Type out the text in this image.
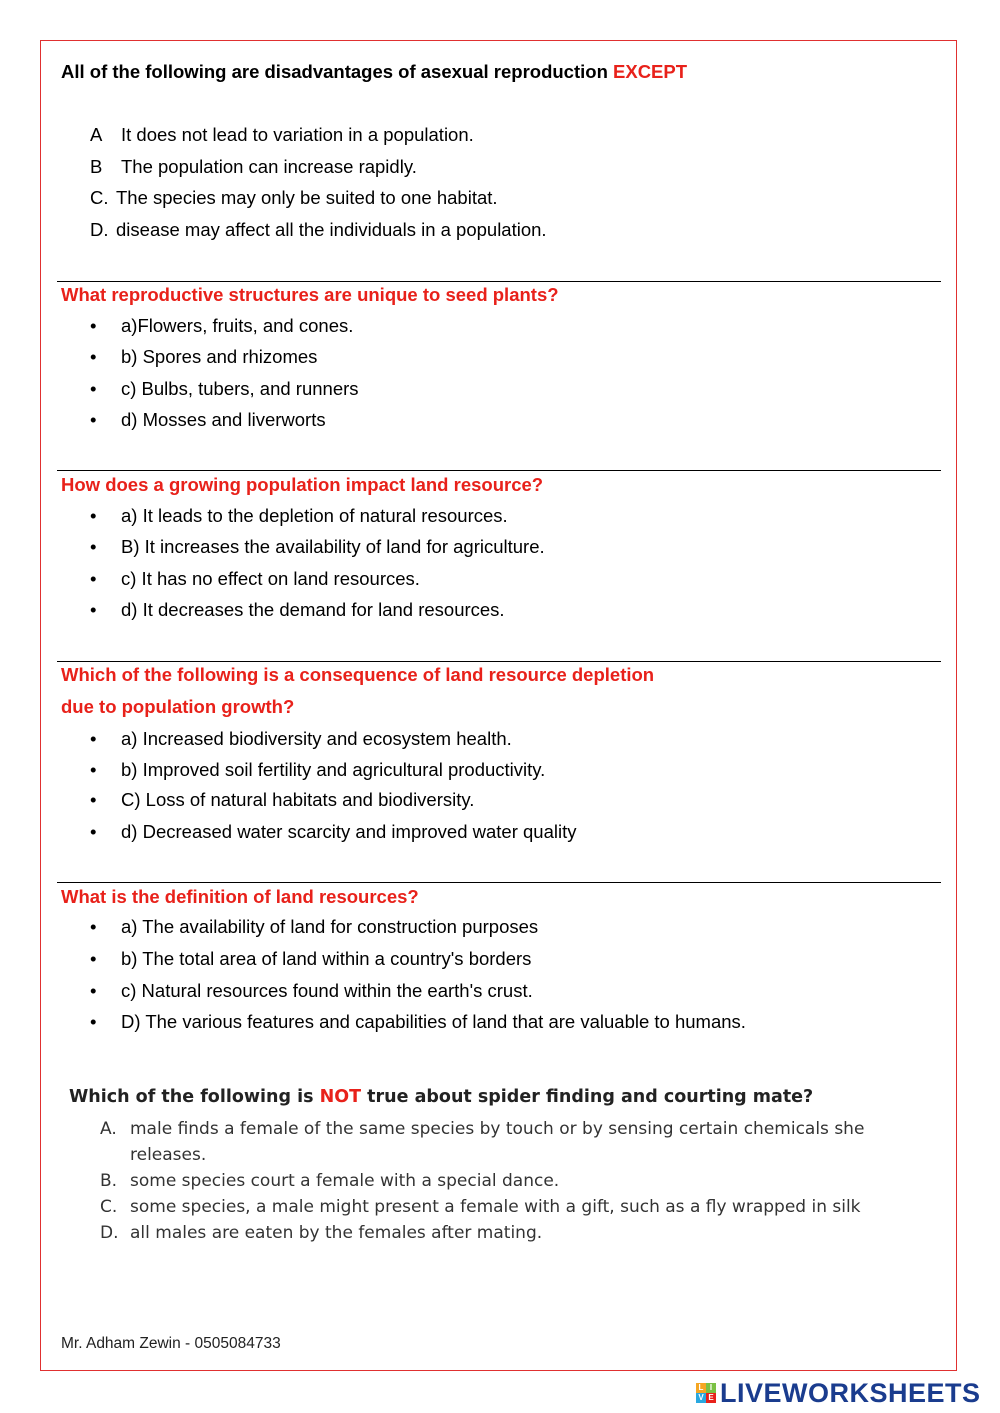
All of the following are disadvantages of asexual reproduction EXCEPT
A It does not lead to variation in a population.
B The population can increase rapidly.
C. The species may only be suited to one habitat.
D. disease may affect all the individuals in a population.
What reproductive structures are unique to seed plants?
• a)Flowers, fruits, and cones.
• b) Spores and rhizomes
• c) Bulbs, tubers, and runners
• d) Mosses and liverworts
How does a growing population impact land resource?
• a) It leads to the depletion of natural resources.
• B) It increases the availability of land for agriculture.
• c) It has no effect on land resources.
• d) It decreases the demand for land resources.
Which of the following is a consequence of land resource depletion
due to population growth?
• a) Increased biodiversity and ecosystem health.
• b) Improved soil fertility and agricultural productivity.
• C) Loss of natural habitats and biodiversity.
• d) Decreased water scarcity and improved water quality
What is the definition of land resources?
• a) The availability of land for construction purposes
• b) The total area of land within a country's borders
• c) Natural resources found within the earth's crust.
• D) The various features and capabilities of land that are valuable to humans.
Which of the following is NOT true about spider finding and courting mate?
A. male finds a female of the same species by touch or by sensing certain chemicals she
releases.
B. some species court a female with a special dance.
C. some species, a male might present a female with a gift, such as a fly wrapped in silk
D. all males are eaten by the females after mating.
Mr. Adham Zewin - 0505084733
L I
V E LIVEWORKSHEETS
